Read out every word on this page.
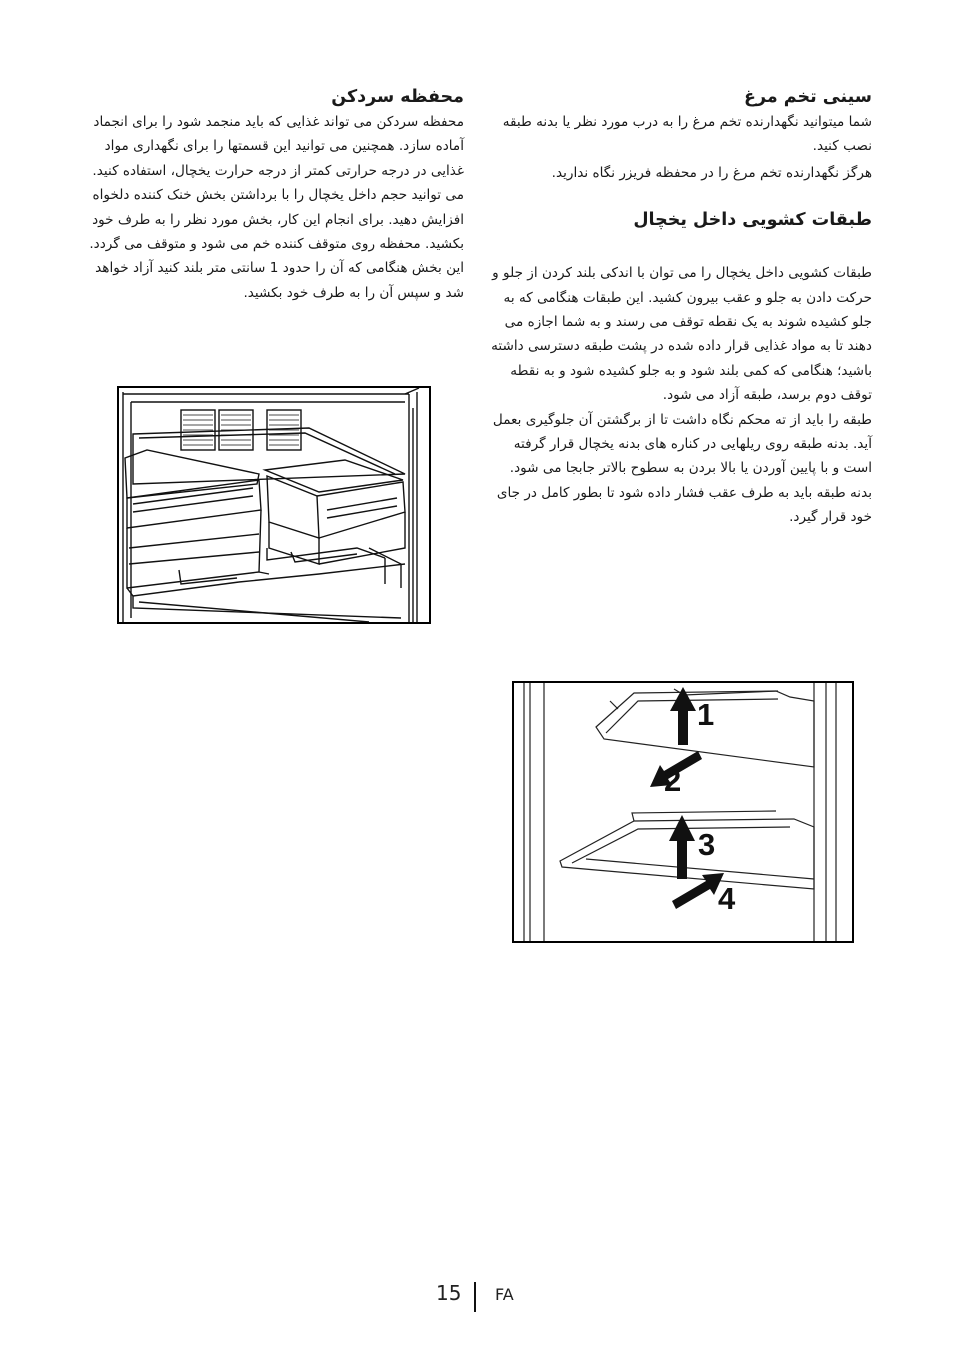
سینی تخم مرغ

شما میتوانید نگهدارنده تخم مرغ را به درب مورد نظر یا بدنه طبقه نصب کنید.

هرگز نگهدارنده تخم مرغ را در محفظه فریزر نگاه ندارید.

طبقات کشویی داخل یخچال

طبقات کشویی داخل یخچال را می توان با اندکی بلند کردن از جلو و حرکت دادن به جلو و عقب بیرون کشید. این طبقات هنگامی که به جلو کشیده شوند به یک نقطه توقف می رسند و به شما اجازه می دهند تا به مواد غذایی قرار داده شده در پشت طبقه دسترسی داشته باشید؛ هنگامی که کمی بلند شود و به جلو کشیده شود و به نقطه توقف دوم برسد، طبقه آزاد می شود.

طبقه را باید از ته محکم نگاه داشت تا از برگشتن آن جلوگیری بعمل آید. بدنه طبقه روی ریلهایی در کناره های بدنه یخچال قرار گرفته است و با پایین آوردن یا بالا بردن به سطوح بالاتر جابجا می شود.

بدنه طبقه باید به طرف عقب فشار داده شود تا بطور کامل در جای خود قرار گیرد.

محفظه سردکن

محفظه سردکن می تواند غذایی که باید منجمد شود را برای انجماد آماده سازد. همچنین می توانید این قسمتها را برای نگهداری مواد غذایی در درجه حرارتی کمتر از درجه حرارت یخچال، استفاده کنید.

می توانید حجم داخل یخچال را با برداشتن بخش خنک کننده دلخواه افزایش دهید. برای انجام این کار، بخش مورد نظر را به طرف خود بکشید. محفظه روی متوقف کننده خم می شود و متوقف می گردد. این بخش هنگامی که آن را حدود 1 سانتی متر بلند کنید آزاد خواهد شد و سپس آن را به طرف خود بکشید.

1
2
3
4
15 FA
